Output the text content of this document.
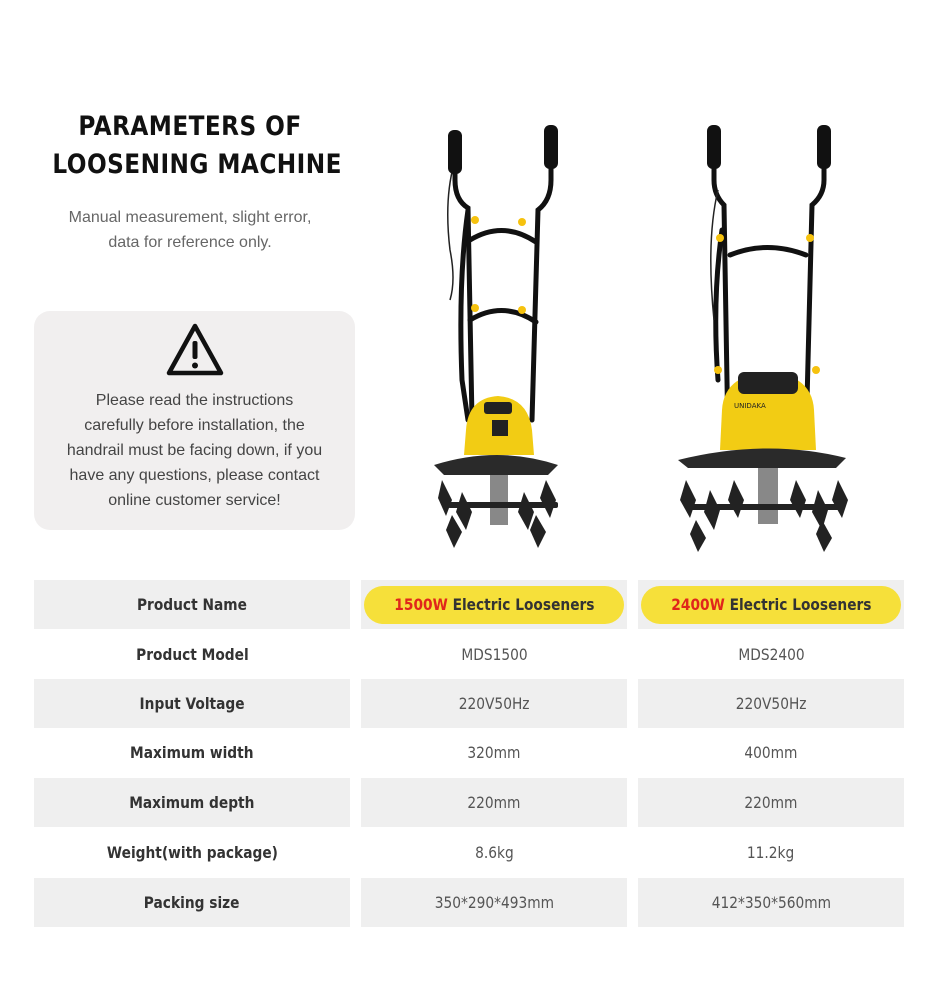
PARAMETERS OF
LOOSENING MACHINE
Manual measurement, slight error,
data for reference only.
Please read the instructions
carefully before installation, the
handrail must be facing down, if you
have any questions, please contact
online customer service!
UNIDAKA
Product Name	1500W Electric Looseners	2400W Electric Looseners
Product Model	MDS1500	MDS2400
Input Voltage	220V50Hz	220V50Hz
Maximum width	320mm	400mm
Maximum depth	220mm	220mm
Weight(with package)	8.6kg	11.2kg
Packing size	350*290*493mm	412*350*560mm
